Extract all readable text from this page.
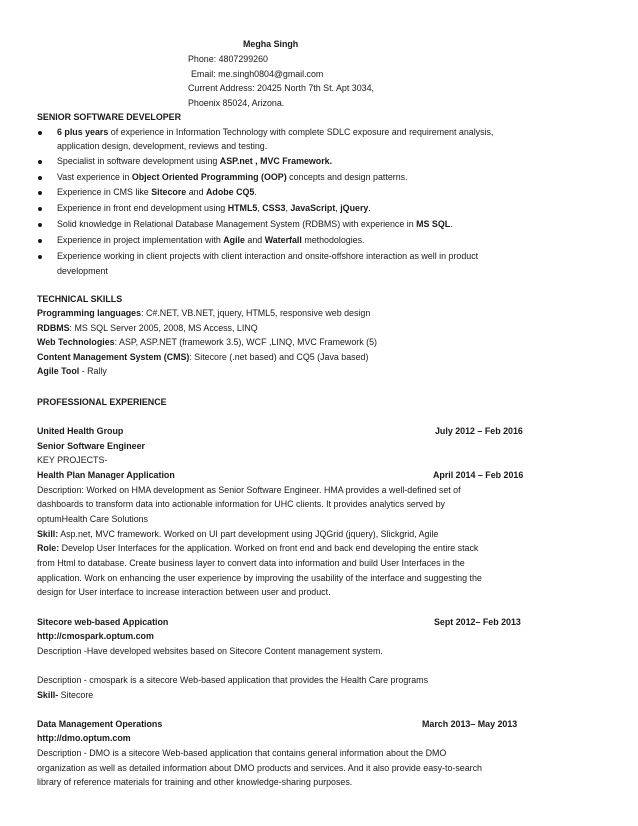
Megha Singh
Phone: 4807299260
Email: me.singh0804@gmail.com
Current Address: 20425 North 7th St. Apt 3034,
Phoenix 85024, Arizona.
SENIOR SOFTWARE DEVELOPER
6 plus years of experience in Information Technology with complete SDLC exposure and requirement analysis,
application design, development, reviews and testing.
Specialist in software development using ASP.net , MVC Framework.
Vast experience in Object Oriented Programming (OOP) concepts and design patterns.
Experience in CMS like Sitecore and Adobe CQ5.
Experience in front end development using HTML5, CSS3, JavaScript, jQuery.
Solid knowledge in Relational Database Management System (RDBMS) with experience in MS SQL.
Experience in project implementation with Agile and Waterfall methodologies.
Experience working in client projects with client interaction and onsite-offshore interaction as well in product
development
TECHNICAL SKILLS
Programming languages: C#.NET, VB.NET, jquery, HTML5, responsive web design
RDBMS: MS SQL Server 2005, 2008, MS Access, LINQ
Web Technologies: ASP, ASP.NET (framework 3.5), WCF ,LINQ, MVC Framework (5)
Content Management System (CMS): Sitecore (.net based) and CQ5 (Java based)
Agile Tool - Rally
PROFESSIONAL EXPERIENCE
United Health Group	July 2012 – Feb 2016
Senior Software Engineer
KEY PROJECTS-
Health Plan Manager Application	April 2014 – Feb 2016
Description: Worked on HMA development as Senior Software Engineer. HMA provides a well-defined set of
dashboards to transform data into actionable information for UHC clients. It provides analytics served by
optumHealth Care Solutions
Skill: Asp.net, MVC framework. Worked on UI part development using JQGrid (jquery), Slickgrid, Agile
Role: Develop User Interfaces for the application. Worked on front end and back end developing the entire stack
from Html to database. Create business layer to convert data into information and build User Interfaces in the
application. Work on enhancing the user experience by improving the usability of the interface and suggesting the
design for User interface to increase interaction between user and product.
Sitecore web-based Appication	Sept 2012– Feb 2013
http://cmospark.optum.com
Description -Have developed websites based on Sitecore Content management system.
Description - cmospark is a sitecore Web-based application that provides the Health Care programs
Skill- Sitecore
Data Management Operations	March 2013– May 2013
http://dmo.optum.com
Description - DMO is a sitecore Web-based application that contains general information about the DMO
organization as well as detailed information about DMO products and services. And it also provide easy-to-search
library of reference materials for training and other knowledge-sharing purposes.
